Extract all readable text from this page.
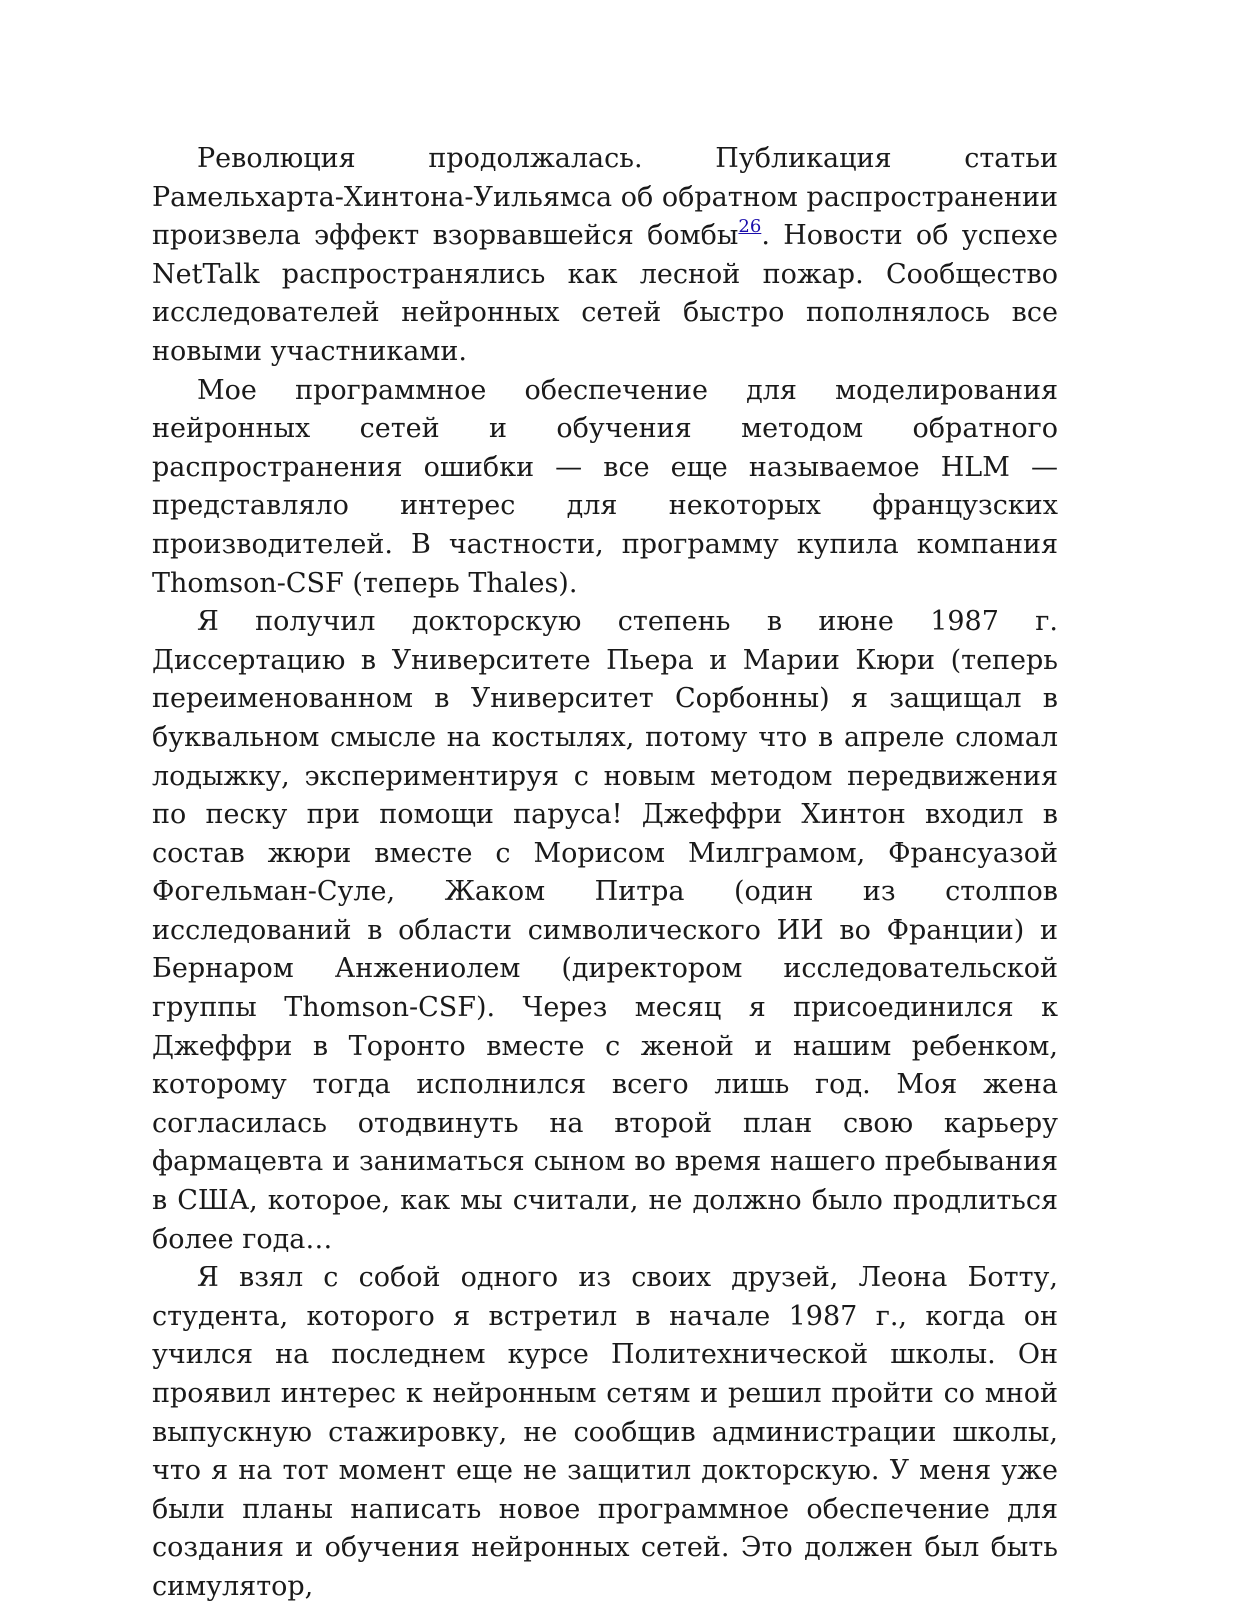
Революция продолжалась. Публикация статьи Рамельхарта-Хинтона-Уильямса об обратном распространении произвела эффект взорвавшейся бомбы$^{26}$. Новости об успехе NetTalk распространялись как лесной пожар. Сообщество исследователей нейронных сетей быстро пополнялось все новыми участниками.

Мое программное обеспечение для моделирования нейронных сетей и обучения методом обратного распространения ошибки — все еще называемое HLM — представляло интерес для некоторых французских производителей. В частности, программу купила компания Thomson-CSF (теперь Thales).

Я получил докторскую степень в июне 1987 г. Диссертацию в Университете Пьера и Марии Кюри (теперь переименованном в Университет Сорбонны) я защищал в буквальном смысле на костылях, потому что в апреле сломал лодыжку, экспериментируя с новым методом передвижения по песку при помощи паруса! Джеффри Хинтон входил в состав жюри вместе с Морисом Милграмом, Франсуазой Фогельман-Суле, Жаком Питра (один из столпов исследований в области символического ИИ во Франции) и Бернаром Анжениолем (директором исследовательской группы Thomson-CSF). Через месяц я присоединился к Джеффри в Торонто вместе с женой и нашим ребенком, которому тогда исполнился всего лишь год. Моя жена согласилась отодвинуть на второй план свою карьеру фармацевта и заниматься сыном во время нашего пребывания в США, которое, как мы считали, не должно было продлиться более года…

Я взял с собой одного из своих друзей, Леона Ботту, студента, которого я встретил в начале 1987 г., когда он учился на последнем курсе Политехнической школы. Он проявил интерес к нейронным сетям и решил пройти со мной выпускную стажировку, не сообщив администрации школы, что я на тот момент еще не защитил докторскую. У меня уже были планы написать новое программное обеспечение для создания и обучения нейронных сетей. Это должен был быть симулятор,
